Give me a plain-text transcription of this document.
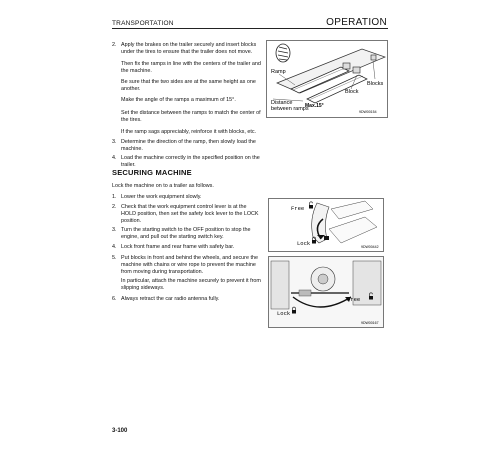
TRANSPORTATION	OPERATION
2. Apply the brakes on the trailer securely and insert blocks under the tires to ensure that the trailer does not move.

Then fix the ramps in line with the centers of the trailer and the machine.

Be sure that the two sides are at the same height as one another.

Make the angle of the ramps a maximum of 15°.

Set the distance between the ramps to match the center of the tires.

If the ramp sags appreciably, reinforce it with blocks, etc.

3. Determine the direction of the ramp, then slowly load the machine.

4. Load the machine correctly in the specified position on the trailer.

Ramp
Distance
between ramps
Max.15°
Block
Blocks
9DW00154
SECURING MACHINE

Lock the machine on to a trailer as follows.

1. Lower the work equipment slowly.

2. Check that the work equipment control lever is at the HOLD position, then set the safety lock lever to the LOCK position.

3. Turn the starting switch to the OFF position to stop the engine, and pull out the starting switch key.

4. Lock front frame and rear frame with safety bar.

5. Put blocks in front and behind the wheels, and secure the machine with chains or wire rope to prevent the machine from moving during transportation.

In particular, attach the machine securely to prevent it from slipping sideways.

6. Always retract the car radio antenna fully.

Free
Lock	9DW00442
Free
Lock
9DW00167
3-100
